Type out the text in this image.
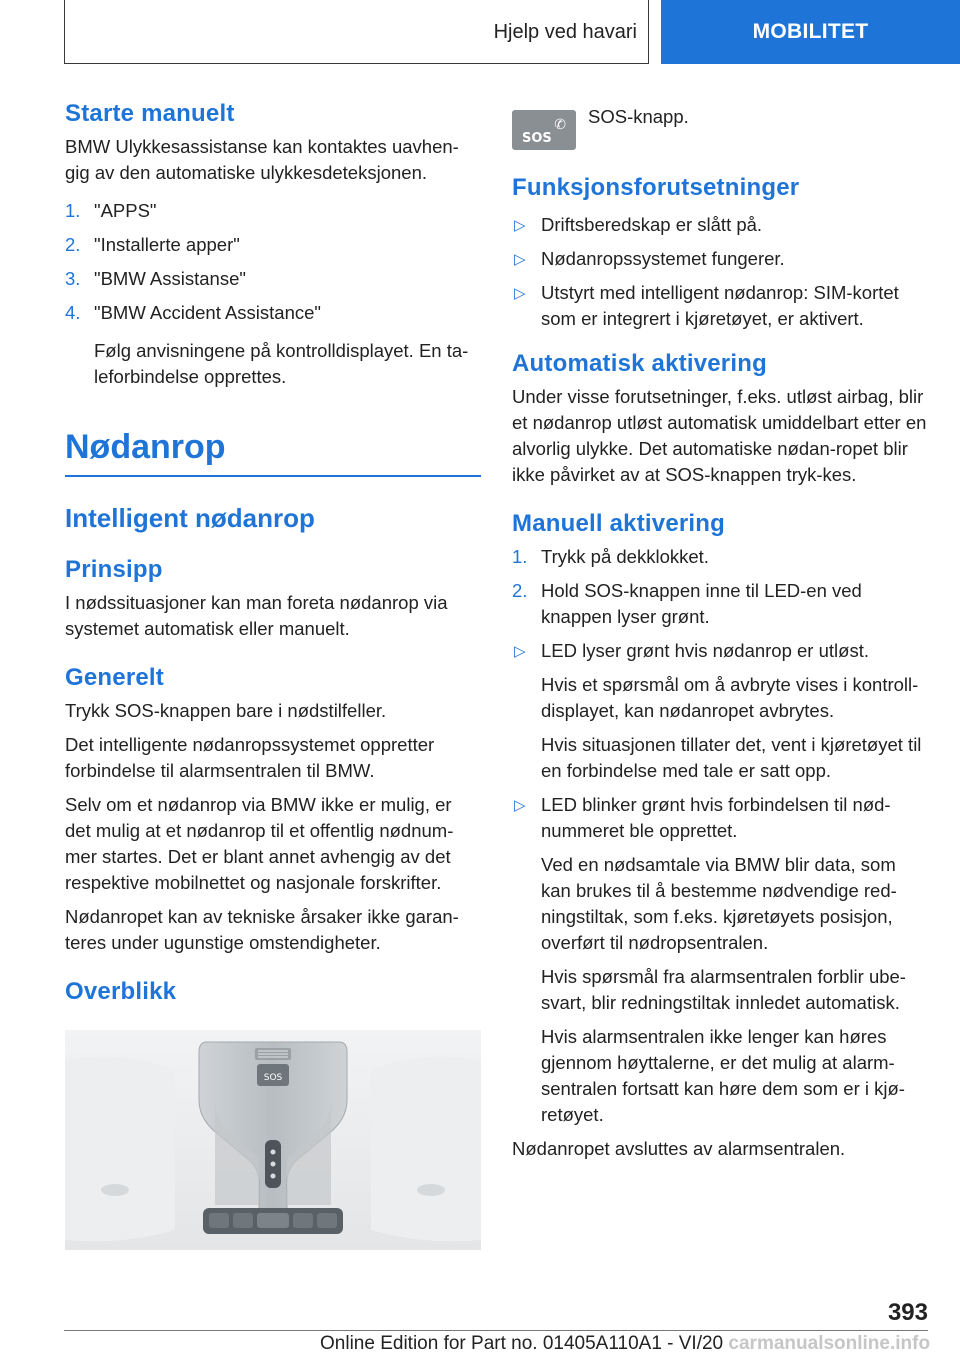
Hjelp ved havari	MOBILITET
Starte manuelt

BMW Ulykkesassistanse kan kontaktes uavhen-gig av den automatiske ulykkesdeteksjonen.

1. "APPS"
2. "Installerte apper"
3. "BMW Assistanse"
4. "BMW Accident Assistance"

Følg anvisningene på kontrolldisplayet. En ta-leforbindelse opprettes.

Nødanrop
Intelligent nødanrop
Prinsipp

I nødssituasjoner kan man foreta nødanrop via systemet automatisk eller manuelt.

Generelt

Trykk SOS-knappen bare i nødstilfeller.

Det intelligente nødanropssystemet oppretter forbindelse til alarmsentralen til BMW.

Selv om et nødanrop via BMW ikke er mulig, er det mulig at et nødanrop til et offentlig nødnum-mer startes. Det er blant annet avhengig av det respektive mobilnettet og nasjonale forskrifter.

Nødanropet kan av tekniske årsaker ikke garan-teres under ugunstige omstendigheter.

Overblikk
SOS
✆
SOS

SOS-knapp.

Funksjonsforutsetninger
▷ Driftsberedskap er slått på.
▷ Nødanropssystemet fungerer.
▷ Utstyrt med intelligent nødanrop: SIM-kortet som er integrert i kjøretøyet, er aktivert.
Automatisk aktivering

Under visse forutsetninger, f.eks. utløst airbag, blir et nødanrop utløst automatisk umiddelbart etter en alvorlig ulykke. Det automatiske nødan-ropet blir ikke påvirket av at SOS-knappen tryk-kes.

Manuell aktivering
1. Trykk på dekklokket.
2. Hold SOS-knappen inne til LED-en ved knappen lyser grønt.
▷ LED lyser grønt hvis nødanrop er utløst.

Hvis et spørsmål om å avbryte vises i kontroll-displayet, kan nødanropet avbrytes.

Hvis situasjonen tillater det, vent i kjøretøyet til en forbindelse med tale er satt opp.

▷ LED blinker grønt hvis forbindelsen til nød-nummeret ble opprettet.

Ved en nødsamtale via BMW blir data, som kan brukes til å bestemme nødvendige red-ningstiltak, som f.eks. kjøretøyets posisjon, overført til nødropsentralen.

Hvis spørsmål fra alarmsentralen forblir ube-svart, blir redningstiltak innledet automatisk.

Hvis alarmsentralen ikke lenger kan høres gjennom høyttalerne, er det mulig at alarm-sentralen fortsatt kan høre dem som er i kjø-retøyet.

Nødanropet avsluttes av alarmsentralen.

393
Online Edition for Part no. 01405A110A1 - VI/20 carmanualsonline.info
